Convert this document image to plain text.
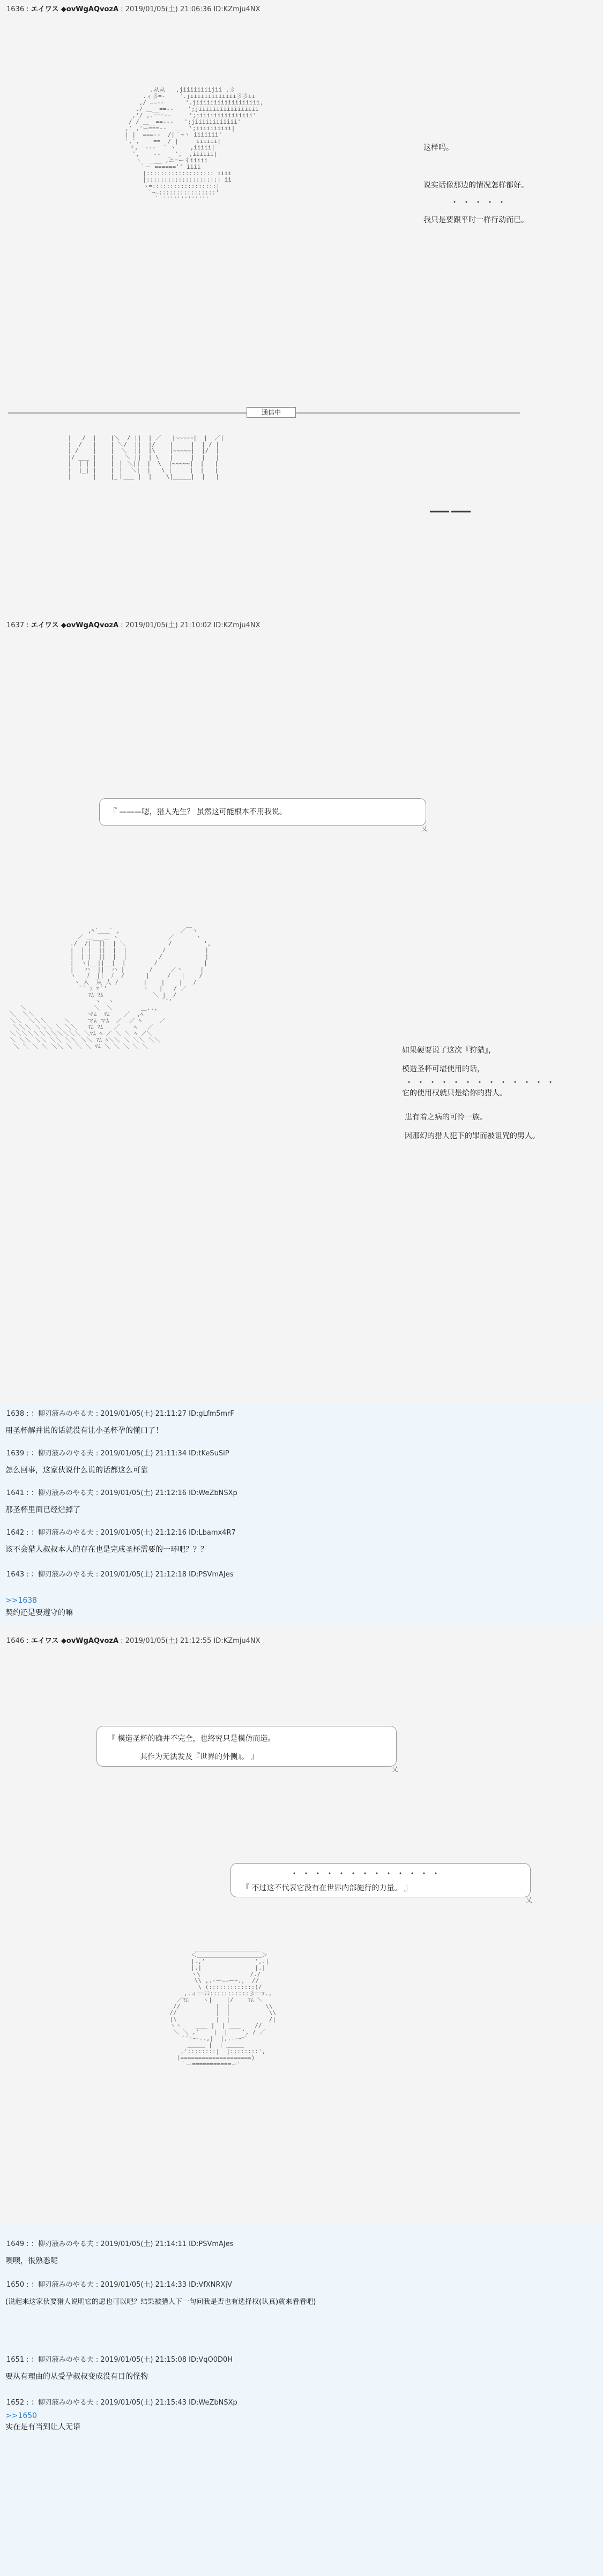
1636 : エイワス ◆ovWgAQvozA : 2019/01/05(土) 21:06:36 ID:KZmju4NX

.从从   ,jiiiiiiiijii ,彡
.ィ彡=-    '.jiiiiiiiiiiiii彡彡ii
,/ ==--      '.jiiiiiiiiiiiiiiiiii,
./ ＿__==--    ';jiiiiiiiiiiiiiiiii
,'/ ,.===--     ';jiiiiiiiiiiiiiii'
/ / ＿__==---   ';jiiiiiiiiiiii'
,' ,'ー===--  ＿＿ ';iiiiiiiiii|
| |  ===--  /|｀~ヽ iiiiiii'
',',    ==  / |     iiiiii|
ヾ,  ---  ´ ヽ    ,iiiii|
',    --  _ ',  ,iiiiii|
ヽ  ＿__ ,ニ=ー彳iiiii
｀ー ======'' iiii
|::::::::::::::::::: iiii
|::::::::::::::::::::: ii
ゝ=::::::::::::::::::|
｀ｰ=::::::::::::::::'
｀''''''''''''''

这样吗。
说实话像那边的情况怎样都好。
・・・・・
我只是要跟平时一样行动而已。
通信中

|   /  |    |＼  / ||  | ／   |~~~~~|  |  ／|
|  /   |    | ＼/  ||  |/    |     |  | / |
| /    |    |  ＼  ||  |\    |~~~~~|  |/  |
|/ ___ |    |   ＼ ||  | \   |     |  |   |
|  | | |    | ｜ ＼||  |  \  |~~~~~|  |   |
|  |_| |    | ｜  ＼|  |   \ |     |  |   |
|      |    |_｜___ |  |    \|_____|  |   |

——
1637 : エイワス ◆ovWgAQvozA : 2019/01/05(土) 21:10:02 ID:KZmju4NX
『 ———嗯，猎人先生？ 虽然这可能根本不用我说。
乂

,ﾍ´＿＿ﾞ ,                 ／￣ヽ
／ ＿___＿ ヽ              ／      ヽ
./  /|  ||  | ＼            /         ',
|  | |  ||  |  |          /           |
|  | |  ||  |  |         /            |
|  ヽ|__||__|  |        /             |
|   ハ  ||  ハ |       /     ／ヽ     |
ヽ   ﾉ  ||  ﾉ  /      |     /   |    /
ヽ 人  从 人 /       |    |    |   /
｀ﾞ ﾌ ﾏ ﾞ'          ヽ   |   / ／
ﾏﾑ ﾏﾑ              ＼ |  /
ヽ  ヽ             ｀ﾞ'
＼                   ＼  ＼        ＿..,
＼  ＼＼               マﾑ  ﾏﾑ    ／  ,ﾍ
＼＼  ＼＼＼     ＼     マﾑ マﾑ  ／  ／ ﾍ     ／
＼＼＼ ＼＼＼ ＼ ＼＼   ﾏﾑ ﾏﾑ   ／    ﾍ   ／
＼＼＼＼＼＼＼＼＼＼＼＼ ＼ﾏﾑ ﾍ ／ ＼ ＼ ﾍ ／＼
＼ ＼＼ ＼＼ ＼＼ ＼＼ ＼＼ ﾏﾑ ﾍ＼＼ ＼ ＼＼ ＼＼
＼ ＼ ＼ ＼ ＼＼ ＼ ＼ ＼ ﾏﾑ ＼ ＼ ＼ ＼ ＼
	如果硬要说了这次『狩猎』，
模造圣杯可堪使用的话，
・・・・・・・・・・・・・
它的使用权就只是给你的猎人。
患有着之病的可怜一族。
因那幻的猎人犯下的罪而被诅咒的男人。
1638 : ：柳刃液みのやる夫 : 2019/01/05(土) 21:11:27 ID:gLfm5mrF
用圣杯解并说的话就没有让小圣杯孕的懂口了！
1639 : ：柳刃液みのやる夫 : 2019/01/05(土) 21:11:34 ID:tKeSuSiP
怎么回事，这家伙说什么说的话都这么可靠
1641 : ：柳刃液みのやる夫 : 2019/01/05(土) 21:12:16 ID:WeZbNSXp
那圣杯里面已经烂掉了
1642 : ：柳刃液みのやる夫 : 2019/01/05(土) 21:12:16 ID:Lbamx4R7
该不会猎人叔叔本人的存在也是完成圣杯需要的一环吧？？？
1643 : ：柳刃液みのやる夫 : 2019/01/05(土) 21:12:18 ID:PSVmAJes
>>1638
契约还是要遵守的嘛
1646 : エイワス ◆ovWgAQvozA : 2019/01/05(土) 21:12:55 ID:KZmju4NX
『 模造圣杯的确并不完全，也终究只是模仿而造。
其作为无法发及『世界的外侧』。 』
乂
・・・・・・・・・・・・・
『 不过这不代表它没有在世界内部施行的力量。 』
乂

＿＿＿＿＿＿＿＿＿＿＿
＜＿＿＿＿＿＿＿＿＿＿＿＞
|.,'              ',.|
|.|               |.|
ヽ\              /./
\\ ,.-ー==ーｰ.,  //
\ (:::::::::::::)/
,.ィ==ﾐﾐ:::::::::::彡==ｧ.,
／ﾏﾑ    ヽ|    |/    ﾏﾑ ＼
//          |  |          \\
//           |  |           \\
|\           |  |           /|
ヽヽ    ＿＿ |  | ＿＿    //
＼ ＼ ,'    |  |    ', / ／
｀ﾞ=ｰ-..,|  |,..-ｰ=ﾞ
＿＿＿ |  | ＿＿＿
,'::::::::|  |::::::::',
(====================)
｀ー===========ー'

1649 : ：柳刃液みのやる夫 : 2019/01/05(土) 21:14:11 ID:PSVmAJes
噢噢，很熟悉呢
1650 : ：柳刃液みのやる夫 : 2019/01/05(土) 21:14:33 ID:VfXNRXjV
(说起来这家伙要猎人说明它的愿也可以吧？结果被猎人下一句问我是否也有选择权(认真)就来看看吧)
1651 : ：柳刃液みのやる夫 : 2019/01/05(土) 21:15:08 ID:VqO0D0H
要从有理由的从受孕叔叔变成没有目的怪物
1652 : ：柳刃液みのやる夫 : 2019/01/05(土) 21:15:43 ID:WeZbNSXp
>>1650
实在是有当到让人无语
